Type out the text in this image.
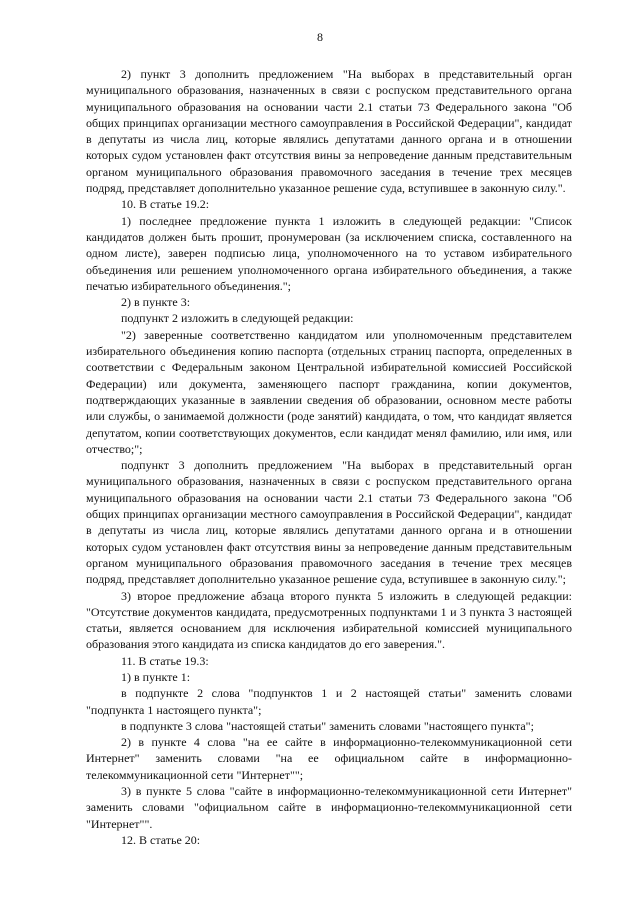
8

2) пункт 3 дополнить предложением "На выборах в представительный орган муниципального образования, назначенных в связи с роспуском представительного органа муниципального образования на основании части 2.1 статьи 73 Федерального закона "Об общих принципах организации местного самоуправления в Российской Федерации", кандидат в депутаты из числа лиц, которые являлись депутатами данного органа и в отношении которых судом установлен факт отсутствия вины за непроведение данным представительным органом муниципального образования правомочного заседания в течение трех месяцев подряд, представляет дополнительно указанное решение суда, вступившее в законную силу.".

10. В статье 19.2:

1) последнее предложение пункта 1 изложить в следующей редакции: "Список кандидатов должен быть прошит, пронумерован (за исключением списка, составленного на одном листе), заверен подписью лица, уполномоченного на то уставом избирательного объединения или решением уполномоченного органа избирательного объединения, а также печатью избирательного объединения.";

2) в пункте 3:

подпункт 2 изложить в следующей редакции:

"2) заверенные соответственно кандидатом или уполномоченным представителем избирательного объединения копию паспорта (отдельных страниц паспорта, определенных в соответствии с Федеральным законом Центральной избирательной комиссией Российской Федерации) или документа, заменяющего паспорт гражданина, копии документов, подтверждающих указанные в заявлении сведения об образовании, основном месте работы или службы, о занимаемой должности (роде занятий) кандидата, о том, что кандидат является депутатом, копии соответствующих документов, если кандидат менял фамилию, или имя, или отчество;";

подпункт 3 дополнить предложением "На выборах в представительный орган муниципального образования, назначенных в связи с роспуском представительного органа муниципального образования на основании части 2.1 статьи 73 Федерального закона "Об общих принципах организации местного самоуправления в Российской Федерации", кандидат в депутаты из числа лиц, которые являлись депутатами данного органа и в отношении которых судом установлен факт отсутствия вины за непроведение данным представительным органом муниципального образования правомочного заседания в течение трех месяцев подряд, представляет дополнительно указанное решение суда, вступившее в законную силу.";

3) второе предложение абзаца второго пункта 5 изложить в следующей редакции: "Отсутствие документов кандидата, предусмотренных подпунктами 1 и 3 пункта 3 настоящей статьи, является основанием для исключения избирательной комиссией муниципального образования этого кандидата из списка кандидатов до его заверения.".

11. В статье 19.3:

1) в пункте 1:

в подпункте 2 слова "подпунктов 1 и 2 настоящей статьи" заменить словами "подпункта 1 настоящего пункта";

в подпункте 3 слова "настоящей статьи" заменить словами "настоящего пункта";

2) в пункте 4 слова "на ее сайте в информационно-телекоммуникационной сети Интернет" заменить словами "на ее официальном сайте в информационно-телекоммуникационной сети "Интернет"";

3) в пункте 5 слова "сайте в информационно-телекоммуникационной сети Интернет" заменить словами "официальном сайте в информационно-телекоммуникационной сети "Интернет"".

12. В статье 20:
